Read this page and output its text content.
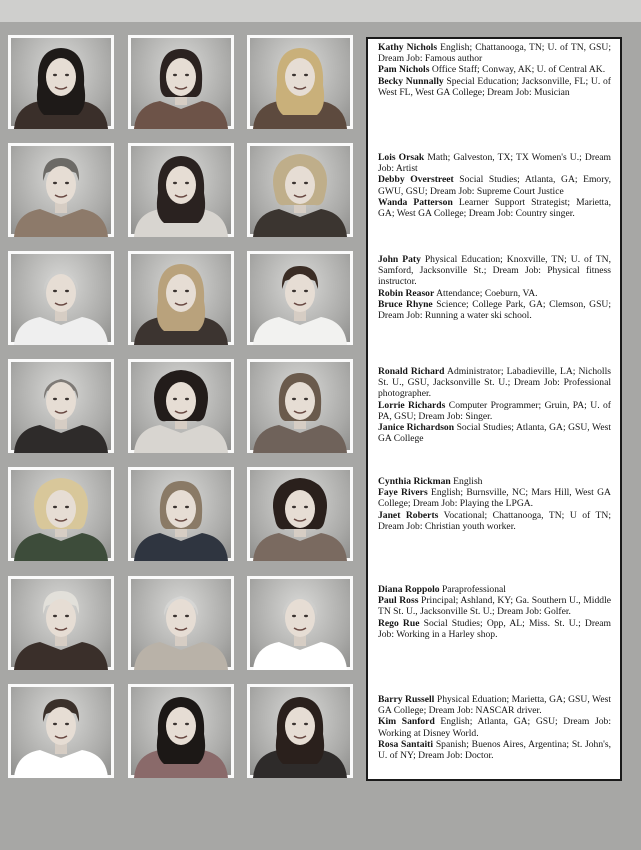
Kathy Nichols English; Chattanooga, TN; U. of TN, GSU; Dream Job: Famous author

Pam Nichols Office Staff; Conway, AK; U. of Central AK.

Becky Nunnally Special Education; Jacksonville, FL; U. of West FL, West GA College; Dream Job: Musician

Lois Orsak Math; Galveston, TX; TX Women's U.; Dream Job: Artist

Debby Overstreet Social Studies; Atlanta, GA; Emory, GWU, GSU; Dream Job: Supreme Court Justice

Wanda Patterson Learner Support Strategist; Marietta, GA; West GA College; Dream Job: Country singer.

John Paty Physical Education; Knoxville, TN; U. of TN, Samford, Jacksonville St.; Dream Job: Physical fitness instructor.

Robin Reasor Attendance; Coeburn, VA.

Bruce Rhyne Science; College Park, GA; Clemson, GSU; Dream Job: Running a water ski school.

Ronald Richard Administrator; Labadieville, LA; Nicholls St. U., GSU, Jacksonville St. U.; Dream Job: Professional photographer.

Lorrie Richards Computer Programmer; Gruin, PA; U. of PA, GSU; Dream Job: Singer.

Janice Richardson Social Studies; Atlanta, GA; GSU, West GA College

Cynthia Rickman English

Faye Rivers English; Burnsville, NC; Mars Hill, West GA College; Dream Job: Playing the LPGA.

Janet Roberts Vocational; Chattanooga, TN; U of TN; Dream Job: Christian youth worker.

Diana Roppolo Paraprofessional

Paul Ross Principal; Ashland, KY; Ga. Southern U., Middle TN St. U., Jacksonville St. U.; Dream Job: Golfer.

Rego Rue Social Studies; Opp, AL; Miss. St. U.; Dream Job: Working in a Harley shop.

Barry Russell Physical Eduation; Marietta, GA; GSU, West GA College; Dream Job: NASCAR driver.

Kim Sanford English; Atlanta, GA; GSU; Dream Job: Working at Disney World.

Rosa Santaiti Spanish; Buenos Aires, Argentina; St. John's, U. of NY; Dream Job: Doctor.
